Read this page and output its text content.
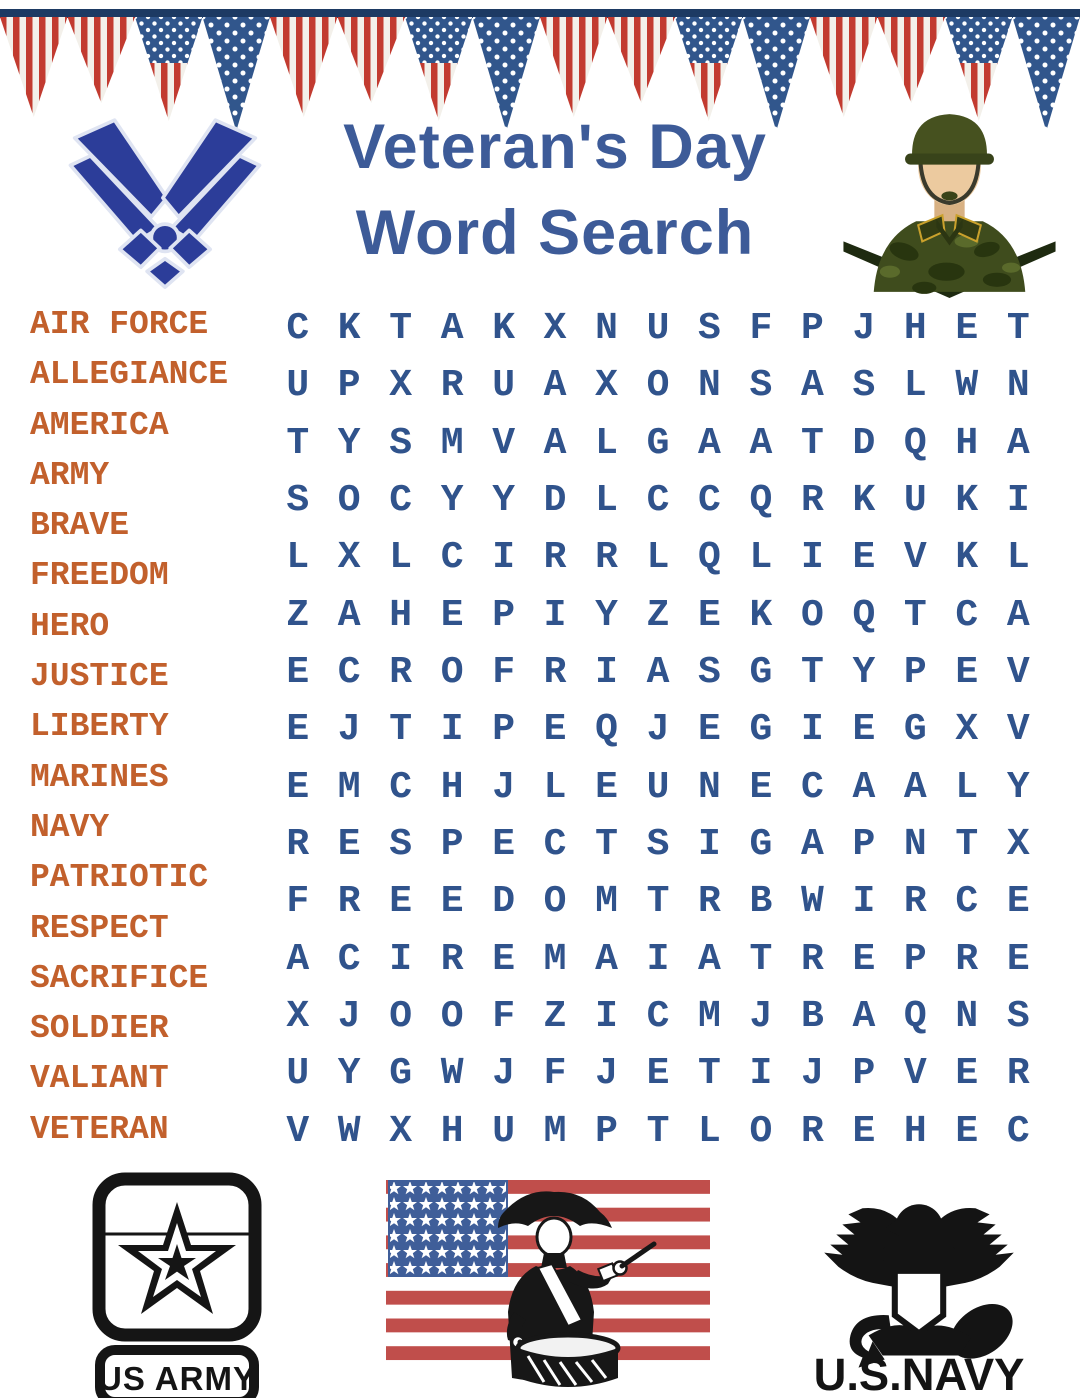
Veteran's Day
Word Search
AIR FORCE
ALLEGIANCE
AMERICA
ARMY
BRAVE
FREEDOM
HERO
JUSTICE
LIBERTY
MARINES
NAVY
PATRIOTIC
RESPECT
SACRIFICE
SOLDIER
VALIANT
VETERAN
C K T A K X N U S F P J H E T
U P X R U A X O N S A S L W N
T Y S M V A L G A A T D Q H A
S O C Y Y D L C C Q R K U K I
L X L C I R R L Q L I E V K L
Z A H E P I Y Z E K O Q T C A
E C R O F R I A S G T Y P E V
E J T I P E Q J E G I E G X V
E M C H J L E U N E C A A L Y
R E S P E C T S I G A P N T X
F R E E D O M T R B W I R C E
A C I R E M A I A T R E P R E
X J O O F Z I C M J B A Q N S
U Y G W J F J E T I J P V E R
V W X H U M P T L O R E H E C
US ARMY	U.S.NAVY
